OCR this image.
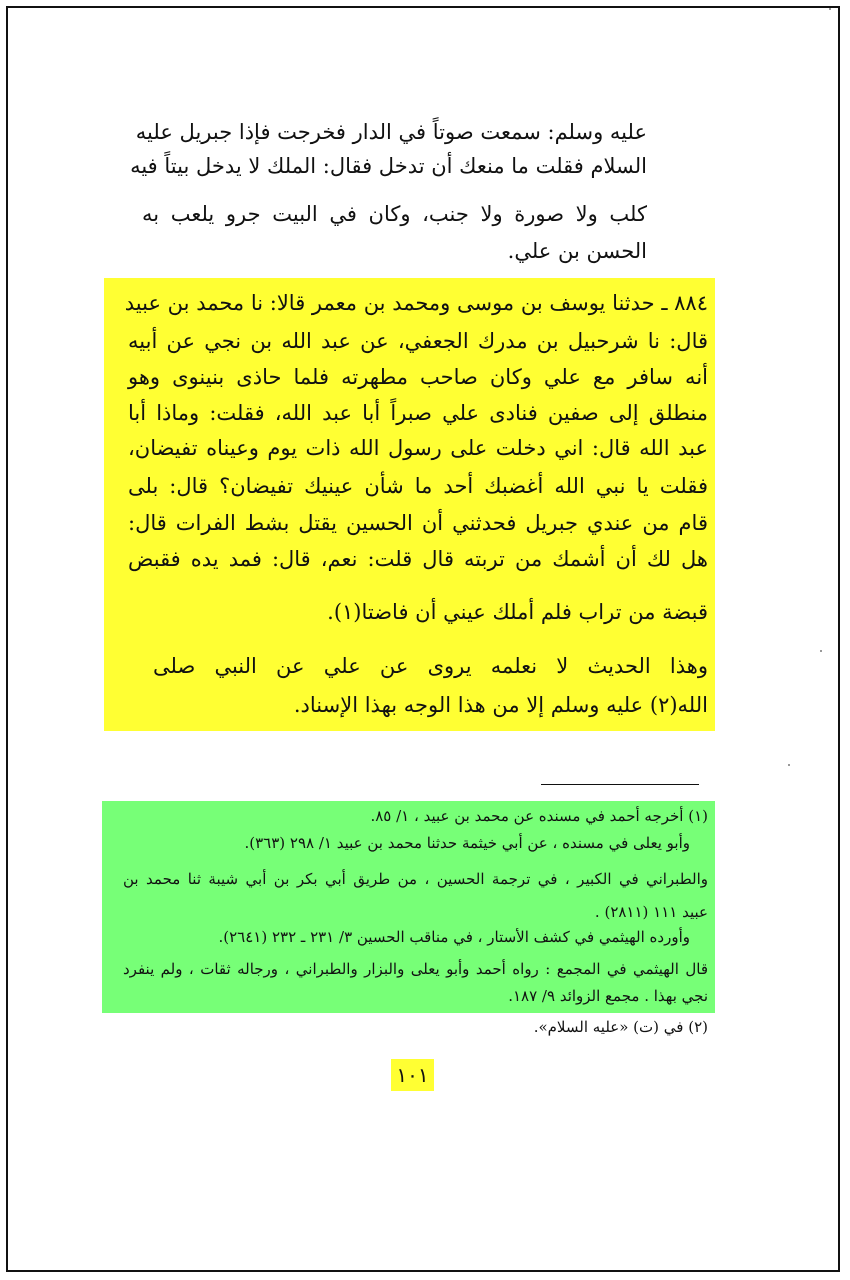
عليه وسلم: سمعت صوتاً في الدار فخرجت فإذا جبريل عليه
السلام فقلت ما منعك أن تدخل فقال: الملك لا يدخل بيتاً فيه
كلب ولا صورة ولا جنب، وكان في البيت جرو يلعب به
الحسن بن علي.
٨٨٤ ـ حدثنا يوسف بن موسى ومحمد بن معمر قالا: نا محمد بن عبيد
قال: نا شرحبيل بن مدرك الجعفي، عن عبد الله بن نجي عن أبيه
أنه سافر مع علي وكان صاحب مطهرته فلما حاذى بنينوى وهو
منطلق إلى صفين فنادى علي صبراً أبا عبد الله، فقلت: وماذا أبا
عبد الله قال: اني دخلت على رسول الله ذات يوم وعيناه تفيضان،
فقلت يا نبي الله أغضبك أحد ما شأن عينيك تفيضان؟ قال: بلى
قام من عندي جبريل فحدثني أن الحسين يقتل بشط الفرات قال:
هل لك أن أشمك من تربته قال قلت: نعم، قال: فمد يده فقبض
قبضة من تراب فلم أملك عيني أن فاضتا(١).
وهذا الحديث لا نعلمه يروى عن علي عن النبي صلى
الله(٢) عليه وسلم إلا من هذا الوجه بهذا الإسناد.
(١) أخرجه أحمد في مسنده عن محمد بن عبيد ، ١/ ٨٥.
وأبو يعلى في مسنده ، عن أبي خيثمة حدثنا محمد بن عبيد ١/ ٢٩٨ (٣٦٣).
والطبراني في الكبير ، في ترجمة الحسين ، من طريق أبي بكر بن أبي شيبة ثنا محمد بن
عبيد ١١١ (٢٨١١) .
وأورده الهيثمي في كشف الأستار ، في مناقب الحسين ٣/ ٢٣١ ـ ٢٣٢ (٢٦٤١).
قال الهيثمي في المجمع : رواه أحمد وأبو يعلى والبزار والطبراني ، ورجاله ثقات ، ولم ينفرد
نجي بهذا . مجمع الزوائد ٩/ ١٨٧.
(٢) في (ت) «عليه السلام».
١٠١
